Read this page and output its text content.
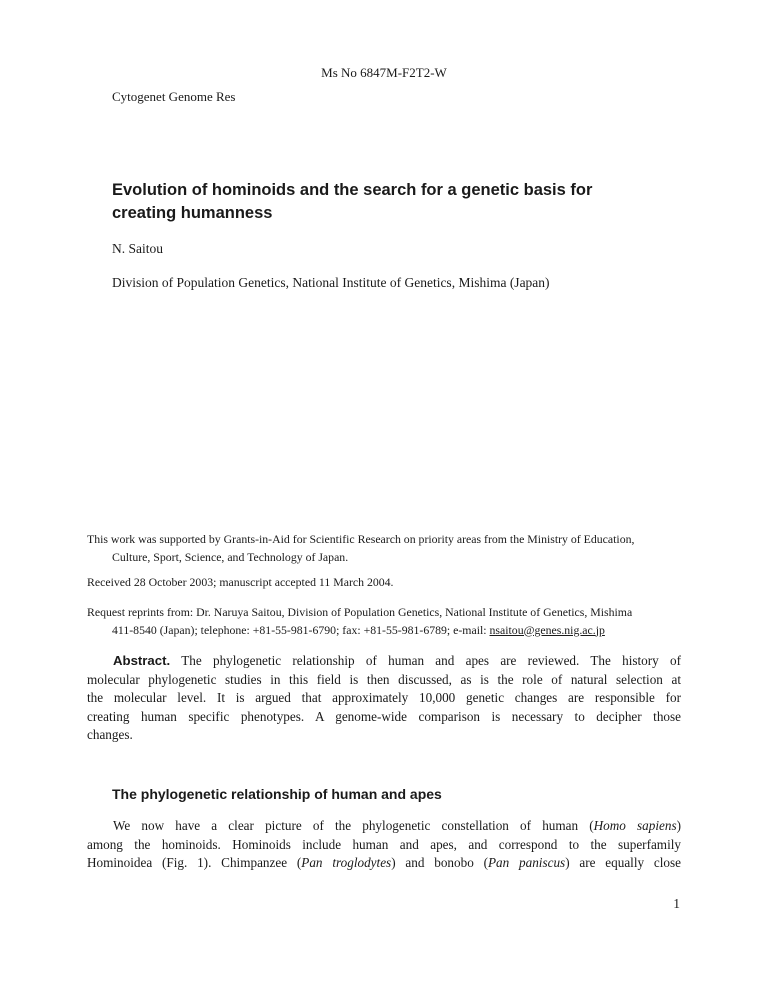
Ms No 6847M-F2T2-W
Cytogenet Genome Res
Evolution of hominoids and the search for a genetic basis for
creating humanness
N. Saitou
Division of Population Genetics, National Institute of Genetics, Mishima (Japan)
This work was supported by Grants-in-Aid for Scientific Research on priority areas from the Ministry of Education,
Culture, Sport, Science, and Technology of Japan.
Received 28 October 2003; manuscript accepted 11 March 2004.
Request reprints from: Dr. Naruya Saitou, Division of Population Genetics, National Institute of Genetics, Mishima
411-8540 (Japan); telephone: +81-55-981-6790; fax: +81-55-981-6789; e-mail: nsaitou@genes.nig.ac.jp
Abstract. The phylogenetic relationship of human and apes are reviewed. The history of
molecular phylogenetic studies in this field is then discussed, as is the role of natural selection at
the molecular level. It is argued that approximately 10,000 genetic changes are responsible for
creating human specific phenotypes. A genome-wide comparison is necessary to decipher those
changes.
The phylogenetic relationship of human and apes
We now have a clear picture of the phylogenetic constellation of human (Homo sapiens)
among the hominoids. Hominoids include human and apes, and correspond to the superfamily
Hominoidea (Fig. 1). Chimpanzee (Pan troglodytes) and bonobo (Pan paniscus) are equally close
1
